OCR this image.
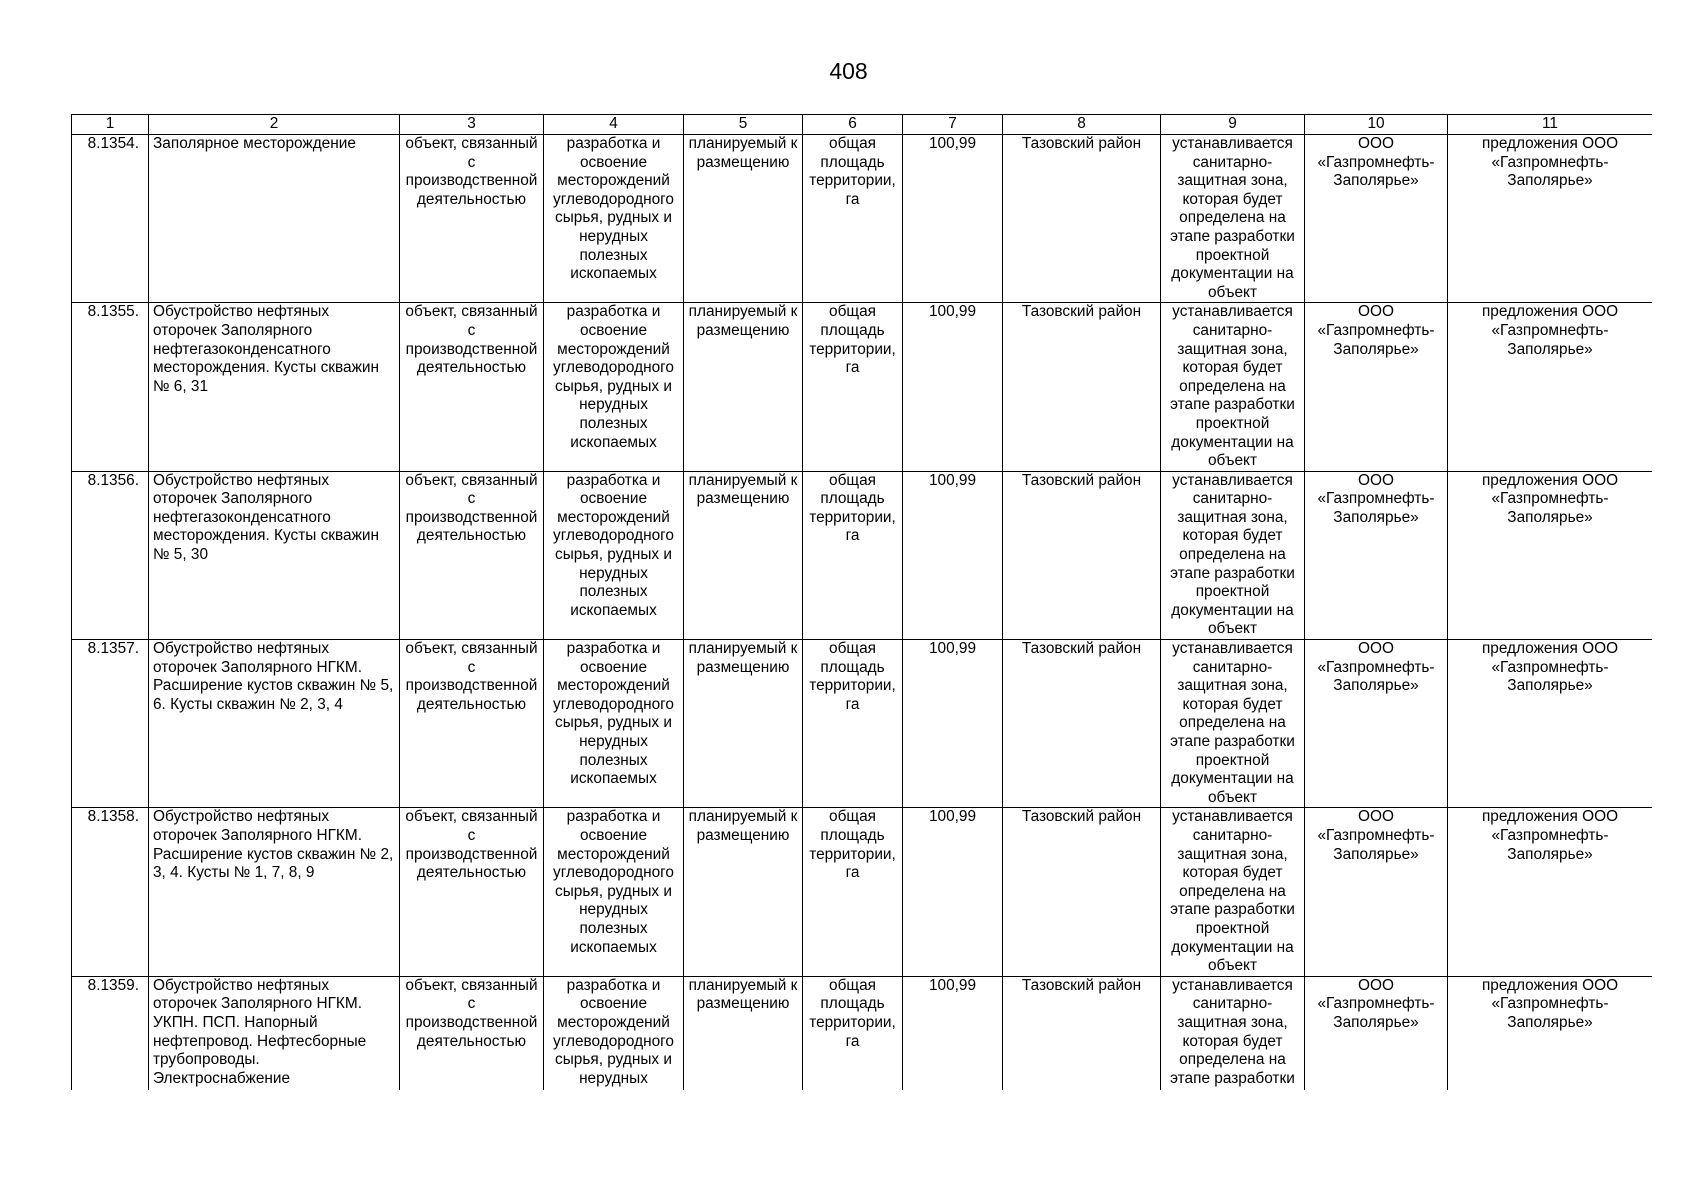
408
1	2	3	4	5	6	7	8	9	10	11
8.1354.	Заполярное месторождение	объект, связанный с производственной деятельностью	разработка и освоение месторождений углеводородного сырья, рудных и нерудных полезных ископаемых	планируемый к размещению	общая площадь территории, га	100,99	Тазовский район	устанавливается санитарно-защитная зона, которая будет определена на этапе разработки проектной документации на объект	ООО «Газпромнефть-Заполярье»	предложения ООО «Газпромнефть-Заполярье»
8.1355.	Обустройство нефтяных оторочек Заполярного нефтегазоконденсатного месторождения. Кусты скважин № 6, 31	объект, связанный с производственной деятельностью	разработка и освоение месторождений углеводородного сырья, рудных и нерудных полезных ископаемых	планируемый к размещению	общая площадь территории, га	100,99	Тазовский район	устанавливается санитарно-защитная зона, которая будет определена на этапе разработки проектной документации на объект	ООО «Газпромнефть-Заполярье»	предложения ООО «Газпромнефть-Заполярье»
8.1356.	Обустройство нефтяных оторочек Заполярного нефтегазоконденсатного месторождения. Кусты скважин № 5, 30	объект, связанный с производственной деятельностью	разработка и освоение месторождений углеводородного сырья, рудных и нерудных полезных ископаемых	планируемый к размещению	общая площадь территории, га	100,99	Тазовский район	устанавливается санитарно-защитная зона, которая будет определена на этапе разработки проектной документации на объект	ООО «Газпромнефть-Заполярье»	предложения ООО «Газпромнефть-Заполярье»
8.1357.	Обустройство нефтяных оторочек Заполярного НГКМ. Расширение кустов скважин № 5, 6. Кусты скважин № 2, 3, 4	объект, связанный с производственной деятельностью	разработка и освоение месторождений углеводородного сырья, рудных и нерудных полезных ископаемых	планируемый к размещению	общая площадь территории, га	100,99	Тазовский район	устанавливается санитарно-защитная зона, которая будет определена на этапе разработки проектной документации на объект	ООО «Газпромнефть-Заполярье»	предложения ООО «Газпромнефть-Заполярье»
8.1358.	Обустройство нефтяных оторочек Заполярного НГКМ. Расширение кустов скважин № 2, 3, 4. Кусты № 1, 7, 8, 9	объект, связанный с производственной деятельностью	разработка и освоение месторождений углеводородного сырья, рудных и нерудных полезных ископаемых	планируемый к размещению	общая площадь территории, га	100,99	Тазовский район	устанавливается санитарно-защитная зона, которая будет определена на этапе разработки проектной документации на объект	ООО «Газпромнефть-Заполярье»	предложения ООО «Газпромнефть-Заполярье»
8.1359.	Обустройство нефтяных оторочек Заполярного НГКМ. УКПН. ПСП. Напорный нефтепровод. Нефтесборные трубопроводы. Электроснабжение	объект, связанный с производственной деятельностью	разработка и освоение месторождений углеводородного сырья, рудных и нерудных	планируемый к размещению	общая площадь территории, га	100,99	Тазовский район	устанавливается санитарно-защитная зона, которая будет определена на этапе разработки	ООО «Газпромнефть-Заполярье»	предложения ООО «Газпромнефть-Заполярье»
